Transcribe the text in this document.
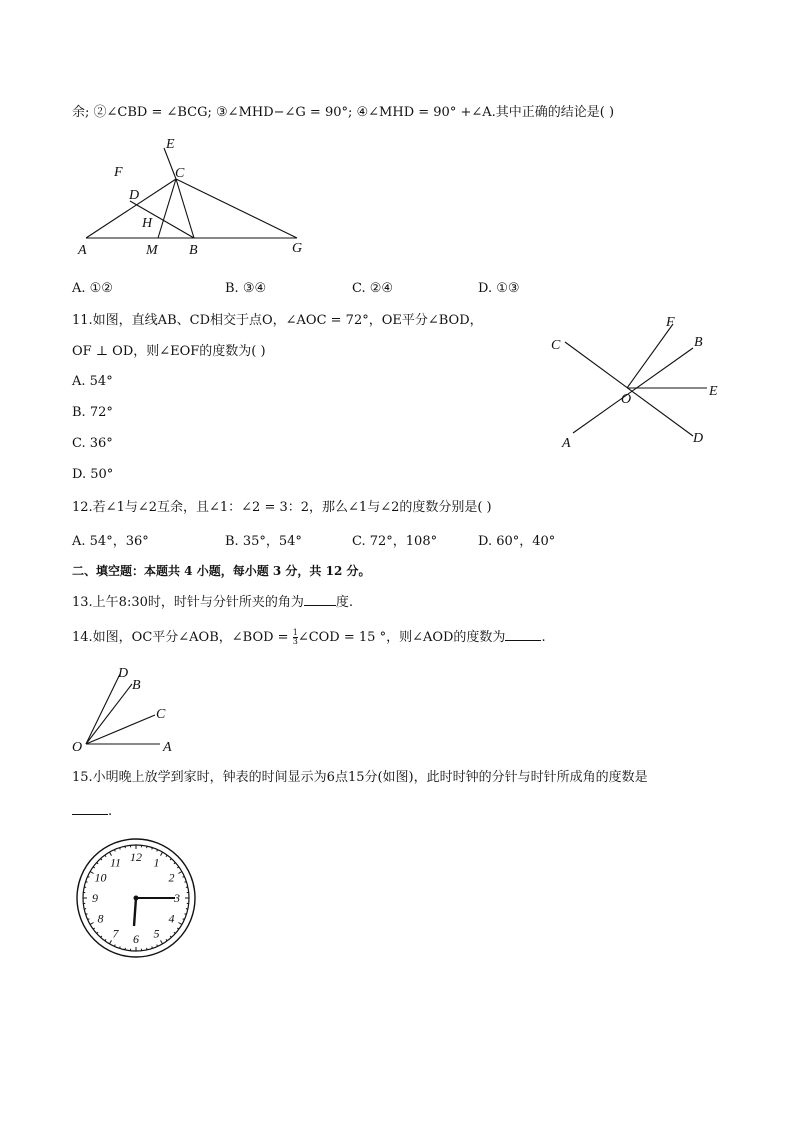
余; ②∠CBD = ∠BCG; ③∠MHD−∠G = 90°; ④∠MHD = 90° +∠A.其中正确的结论是( )
E
F	C
D
H
A	M B	G
A. ①②	B. ③④	C. ②④	D. ①③
11.如图，直线AB、CD相交于点O，∠AOC = 72°，OE平分∠BOD，
OF ⊥ OD，则∠EOF的度数为( )
A. 54°
B. 72°
C. 36°
D. 50°
C
F
B
O
E
A	D
12.若∠1与∠2互余，且∠1：∠2 = 3：2，那么∠1与∠2的度数分别是( )
A. 54°，36°	B. 35°，54°	C. 72°，108°	D. 60°，40°
二、填空题：本题共 4 小题，每小题 3 分，共 12 分。
13.上午8:30时，时针与分针所夹的角为 度.
14.如图，OC平分∠AOB，∠BOD = $\frac{1}{3}$ ∠COD = 15 °，则∠AOD的度数为	.
D
B
C
O	A
15.小明晚上放学到家时，钟表的时间显示为6点15分(如图)，此时时钟的分针与时针所成角的度数是
.
12 1
2
3
4
5
6
7
8
9
10
11
